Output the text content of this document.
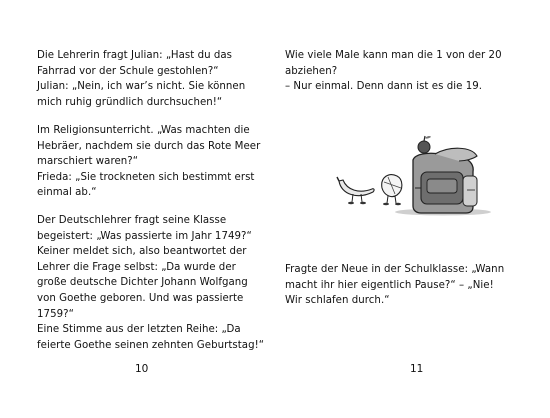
Die Lehrerin fragt Julian: „Hast du das
Fahrrad vor der Schule gestohlen?“
Julian: „Nein, ich war’s nicht. Sie können
mich ruhig gründlich durchsuchen!“

Im Religionsunterricht. „Was machten die
Hebräer, nachdem sie durch das Rote Meer
marschiert waren?“
Frieda: „Sie trockneten sich bestimmt erst
einmal ab.“

Der Deutschlehrer fragt seine Klasse
begeistert: „Was passierte im Jahr 1749?“
Keiner meldet sich, also beantwortet der
Lehrer die Frage selbst: „Da wurde der
große deutsche Dichter Johann Wolfgang
von Goethe geboren. Und was passierte
1759?“
Eine Stimme aus der letzten Reihe: „Da
feierte Goethe seinen zehnten Geburtstag!“

10

Wie viele Male kann man die 1 von der 20
abziehen?
– Nur einmal. Denn dann ist es die 19.

Fragte der Neue in der Schulklasse: „Wann
macht ihr hier eigentlich Pause?“ – „Nie!
Wir schlafen durch.“

11
